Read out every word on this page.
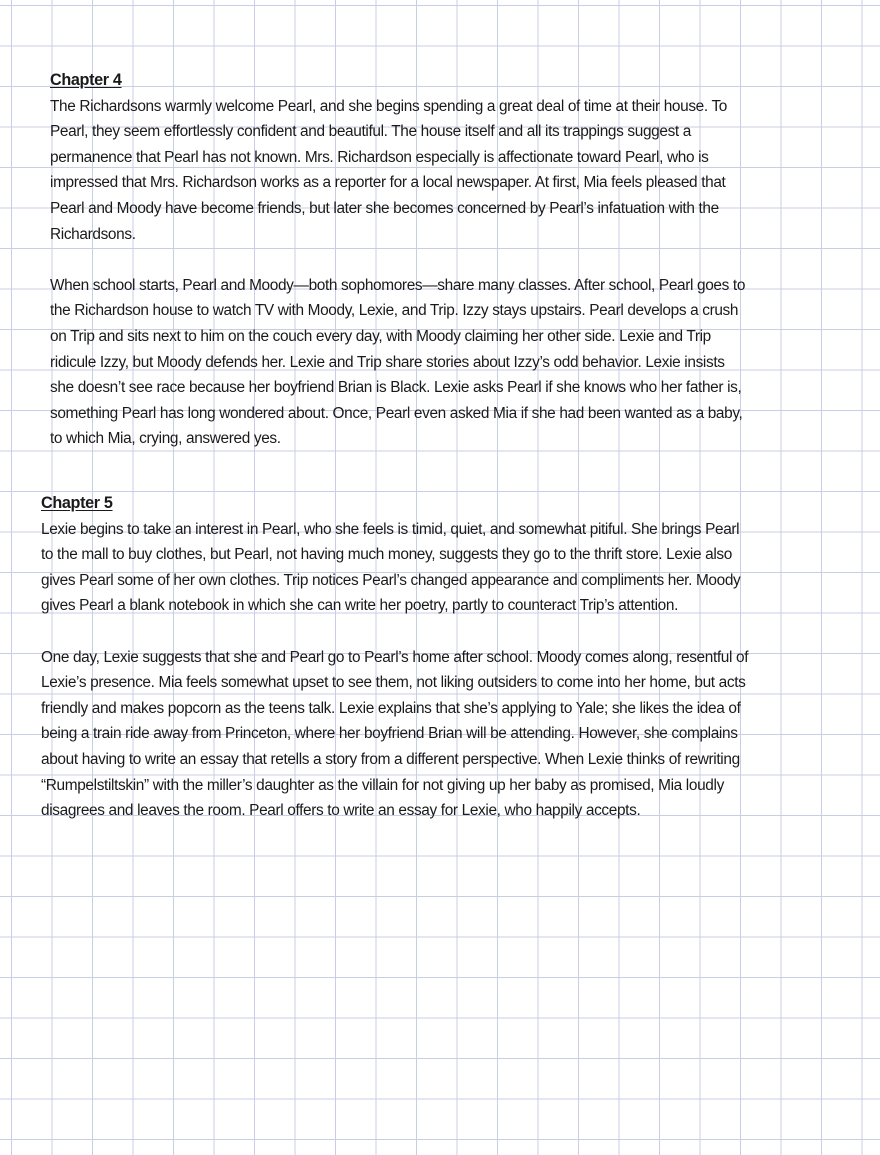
Chapter 4

The Richardsons warmly welcome Pearl, and she begins spending a great deal of time at their house. To Pearl, they seem effortlessly confident and beautiful. The house itself and all its trappings suggest a permanence that Pearl has not known. Mrs. Richardson especially is affectionate toward Pearl, who is impressed that Mrs. Richardson works as a reporter for a local newspaper. At first, Mia feels pleased that Pearl and Moody have become friends, but later she becomes concerned by Pearl’s infatuation with the Richardsons.

When school starts, Pearl and Moody—both sophomores—share many classes. After school, Pearl goes to the Richardson house to watch TV with Moody, Lexie, and Trip. Izzy stays upstairs. Pearl develops a crush on Trip and sits next to him on the couch every day, with Moody claiming her other side. Lexie and Trip ridicule Izzy, but Moody defends her. Lexie and Trip share stories about Izzy’s odd behavior. Lexie insists she doesn’t see race because her boyfriend Brian is Black. Lexie asks Pearl if she knows who her father is, something Pearl has long wondered about. Once, Pearl even asked Mia if she had been wanted as a baby, to which Mia, crying, answered yes.

Chapter 5

Lexie begins to take an interest in Pearl, who she feels is timid, quiet, and somewhat pitiful. She brings Pearl to the mall to buy clothes, but Pearl, not having much money, suggests they go to the thrift store. Lexie also gives Pearl some of her own clothes. Trip notices Pearl’s changed appearance and compliments her. Moody gives Pearl a blank notebook in which she can write her poetry, partly to counteract Trip’s attention.

One day, Lexie suggests that she and Pearl go to Pearl’s home after school. Moody comes along, resentful of Lexie’s presence. Mia feels somewhat upset to see them, not liking outsiders to come into her home, but acts friendly and makes popcorn as the teens talk. Lexie explains that she’s applying to Yale; she likes the idea of being a train ride away from Princeton, where her boyfriend Brian will be attending. However, she complains about having to write an essay that retells a story from a different perspective. When Lexie thinks of rewriting “Rumpelstiltskin” with the miller’s daughter as the villain for not giving up her baby as promised, Mia loudly disagrees and leaves the room. Pearl offers to write an essay for Lexie, who happily accepts.
